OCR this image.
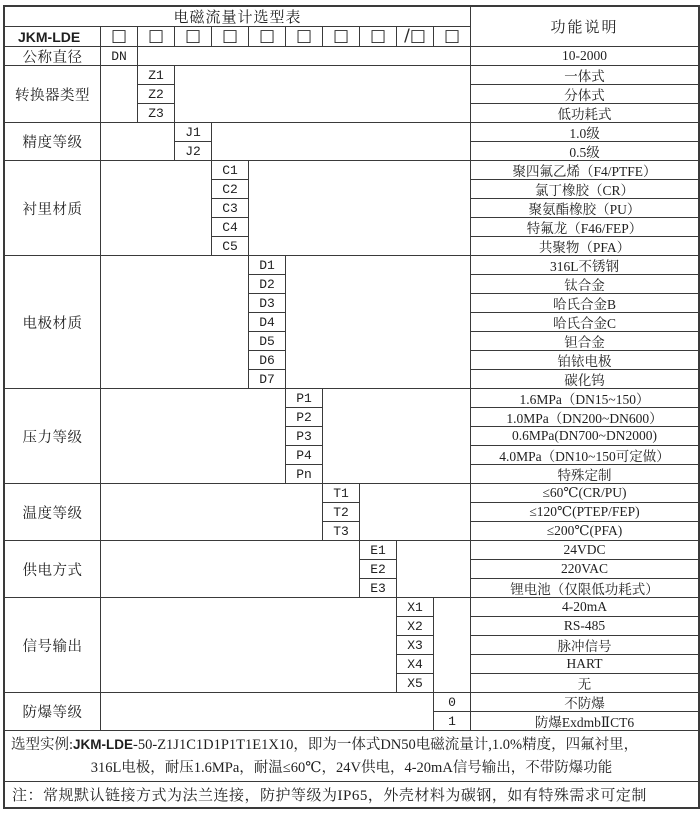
电磁流量计选型表
功能说明
JKM-LDE
选型实例:JKM-LDE-50-Z1J1C1D1P1T1E1X10，即为一体式DN50电磁流量计,1.0%精度，四氟衬里，
316L电极，耐压1.6MPa，耐温≤60℃，24V供电，4-20mA信号输出，不带防爆功能
注：常规默认链接方式为法兰连接，防护等级为IP65，外壳材料为碳钢，如有特殊需求可定制
□ □ □ □ □ □ □ □ /□ □
公称直径	DN	10-2000
转换器类型
Z1	一体式
Z2	分体式
Z3	低功耗式
精度等级
J1	1.0级
J2	0.5级
衬里材质
C1	聚四氟乙烯（F4/PTFE）
C2	氯丁橡胶（CR）
C3	聚氨酯橡胶（PU）
C4	特氟龙（F46/FEP）
C5	共聚物（PFA）
电极材质
D1	316L不锈钢
D2	钛合金
D3	哈氏合金B
D4	哈氏合金C
D5	钽合金
D6	铂铱电极
D7	碳化钨
压力等级
P1	1.6MPa（DN15~150）
P2	1.0MPa（DN200~DN600）
P3	0.6MPa(DN700~DN2000)
P4	4.0MPa（DN10~150可定做）
Pn	特殊定制
温度等级
T1	≤60℃(CR/PU)
T2	≤120℃(PTEP/FEP)
T3	≤200℃(PFA)
供电方式
E1	24VDC
E2	220VAC
E3	锂电池（仅限低功耗式）
信号输出
X1	4-20mA
X2	RS-485
X3	脉冲信号
X4	HART
X5	无
防爆等级
0	不防爆
1	防爆ExdmbⅡCT6
